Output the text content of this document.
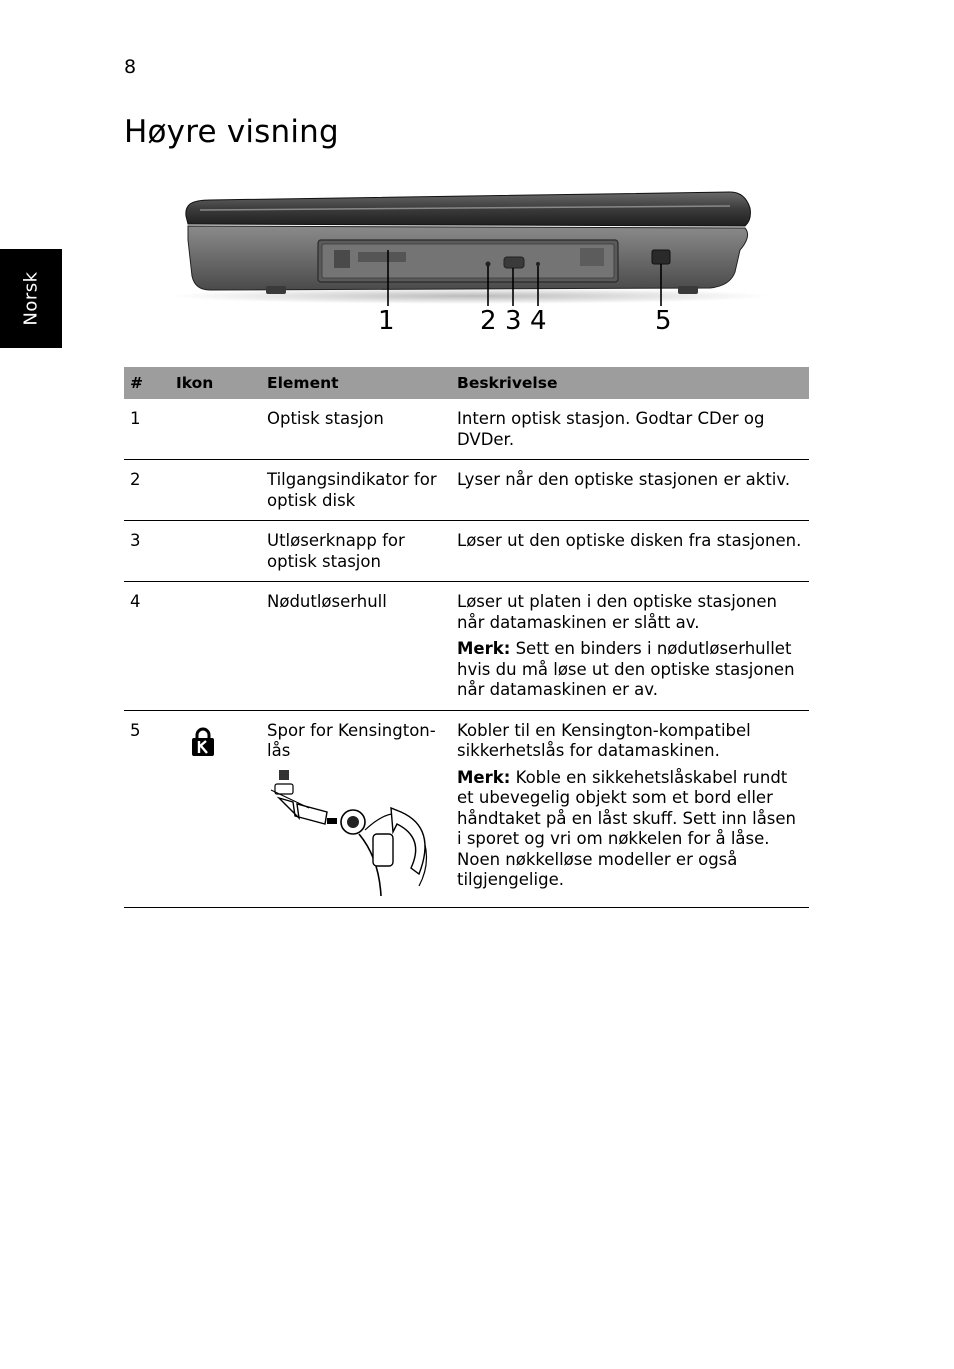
8
Høyre visning
Norsk	1	2 3 4	5
#	Ikon	Element	Beskrivelse
1		Optisk stasjon	Intern optisk stasjon. Godtar CDer og DVDer.

2		Tilgangsindikator for optisk disk	Lyser når den optiske stasjonen er aktiv.

3		Utløserknapp for optisk stasjon	Løser ut den optiske disken fra stasjonen.

4		Nødutløserhull	Løser ut platen i den optiske stasjonen når datamaskinen er slått av.

Merk: Sett en binders i nødutløserhullet hvis du må løse ut den optiske stasjonen når datamaskinen er av.

5		Spor for Kensington-lås	Kobler til en Kensington-kompatibel sikkerhetslås for datamaskinen.

Merk: Koble en sikkehetslåskabel rundt et ubevegelig objekt som et bord eller håndtaket på en låst skuff. Sett inn låsen i sporet og vri om nøkkelen for å låse. Noen nøkkelløse modeller er også tilgjengelige.
